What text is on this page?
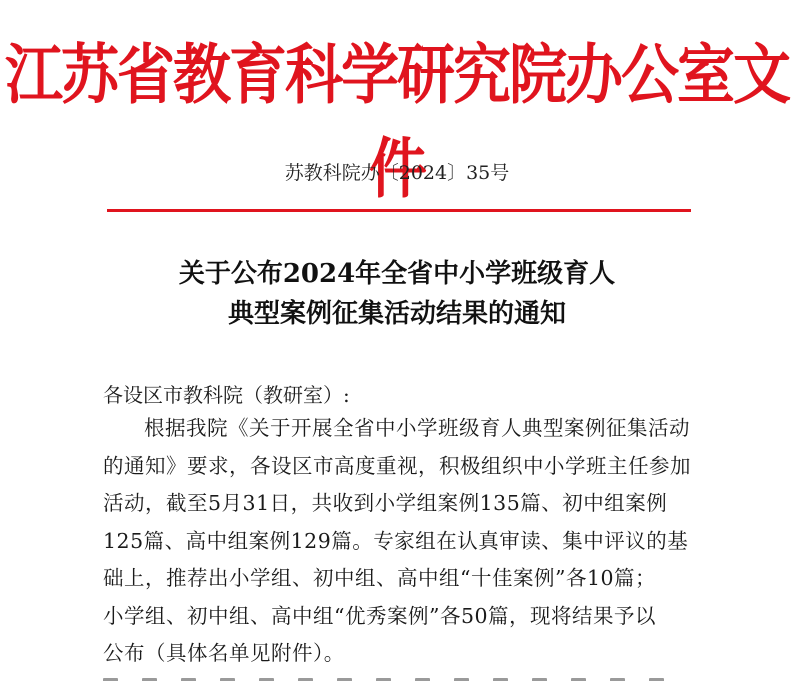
江苏省教育科学研究院办公室文件
苏教科院办〔2024〕35号
关于公布2024年全省中小学班级育人
典型案例征集活动结果的通知
各设区市教科院（教研室）:
根据我院《关于开展全省中小学班级育人典型案例征集活动
的通知》要求，各设区市高度重视，积极组织中小学班主任参加
活动，截至5月31日，共收到小学组案例135篇、初中组案例
125篇、高中组案例129篇。专家组在认真审读、集中评议的基
础上，推荐出小学组、初中组、高中组“十佳案例”各10篇；
小学组、初中组、高中组“优秀案例”各50篇，现将结果予以
公布（具体名单见附件）。
